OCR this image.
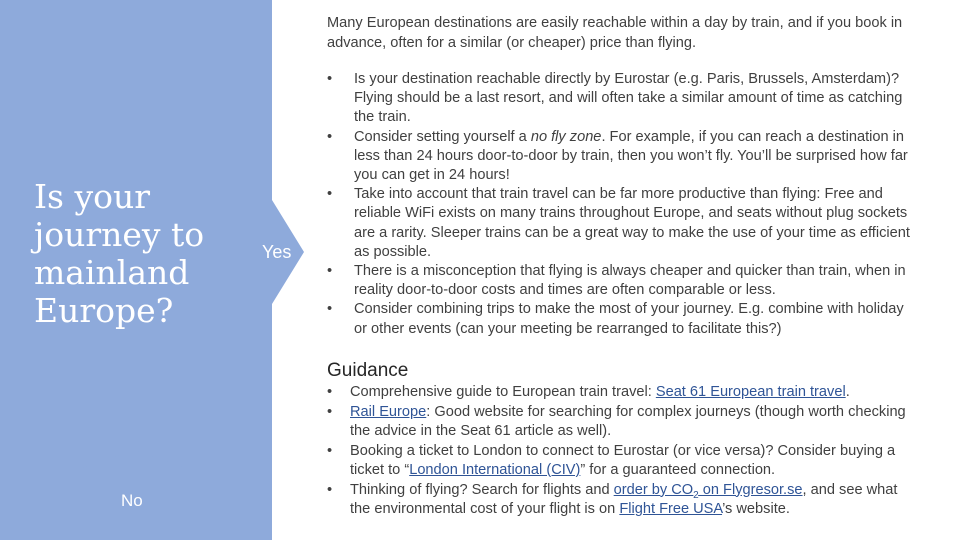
Is your journey to mainland Europe?
Yes
No
Many European destinations are easily reachable within a day by train, and if you book in advance, often for a similar (or cheaper) price than flying.
• Is your destination reachable directly by Eurostar (e.g. Paris, Brussels, Amsterdam)? Flying should be a last resort, and will often take a similar amount of time as catching the train.
• Consider setting yourself a no fly zone. For example, if you can reach a destination in less than 24 hours door-to-door by train, then you won’t fly. You’ll be surprised how far you can get in 24 hours!
• Take into account that train travel can be far more productive than flying: Free and reliable WiFi exists on many trains throughout Europe, and seats without plug sockets are a rarity. Sleeper trains can be a great way to make the use of your time as efficient as possible.
• There is a misconception that flying is always cheaper and quicker than train, when in reality door-to-door costs and times are often comparable or less.
• Consider combining trips to make the most of your journey. E.g. combine with holiday or other events (can your meeting be rearranged to facilitate this?)
Guidance
• Comprehensive guide to European train travel: Seat 61 European train travel.
• Rail Europe: Good website for searching for complex journeys (though worth checking the advice in the Seat 61 article as well).
• Booking a ticket to London to connect to Eurostar (or vice versa)? Consider buying a ticket to “London International (CIV)” for a guaranteed connection.
• Thinking of flying? Search for flights and order by $CO_2$ on Flygresor.se, and see what the environmental cost of your flight is on Flight Free USA’s website.
